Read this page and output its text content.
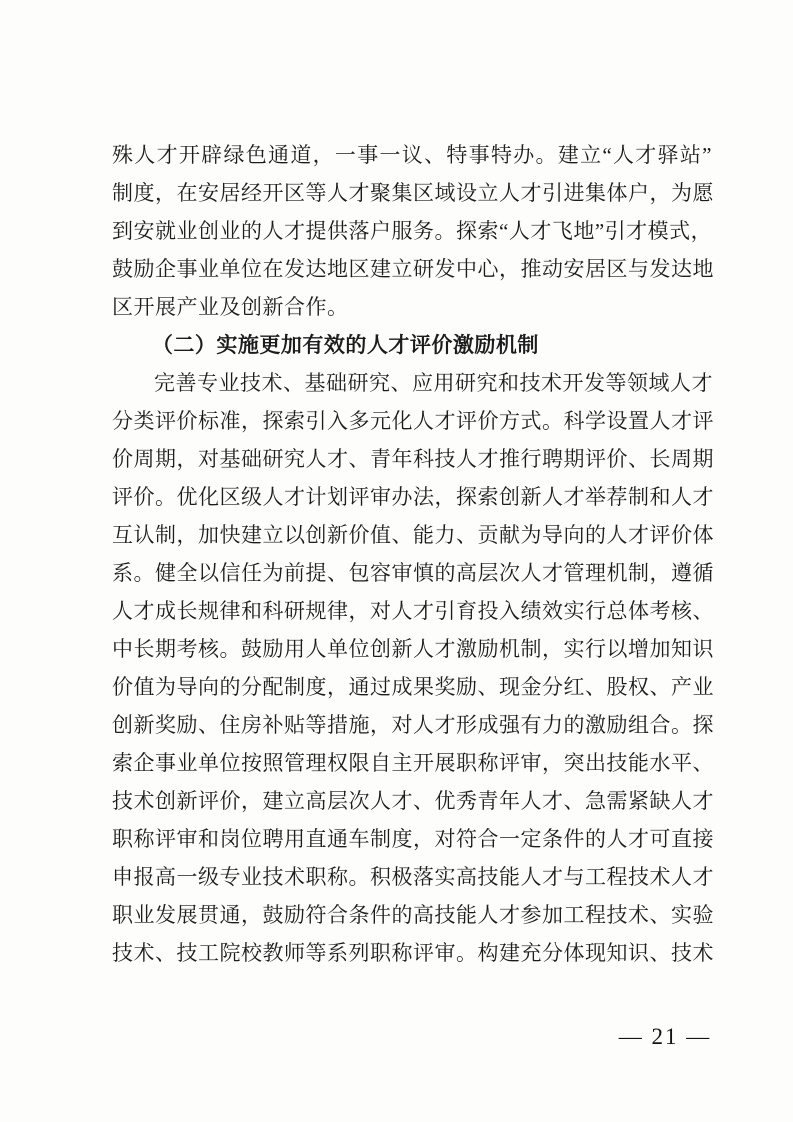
殊人才开辟绿色通道，一事一议、特事特办。建立“人才驿站”
制度，在安居经开区等人才聚集区域设立人才引进集体户，为愿
到安就业创业的人才提供落户服务。探索“人才飞地”引才模式，
鼓励企事业单位在发达地区建立研发中心，推动安居区与发达地
区开展产业及创新合作。
（二）实施更加有效的人才评价激励机制
完善专业技术、基础研究、应用研究和技术开发等领域人才
分类评价标准，探索引入多元化人才评价方式。科学设置人才评
价周期，对基础研究人才、青年科技人才推行聘期评价、长周期
评价。优化区级人才计划评审办法，探索创新人才举荐制和人才
互认制，加快建立以创新价值、能力、贡献为导向的人才评价体
系。健全以信任为前提、包容审慎的高层次人才管理机制，遵循
人才成长规律和科研规律，对人才引育投入绩效实行总体考核、
中长期考核。鼓励用人单位创新人才激励机制，实行以增加知识
价值为导向的分配制度，通过成果奖励、现金分红、股权、产业
创新奖励、住房补贴等措施，对人才形成强有力的激励组合。探
索企事业单位按照管理权限自主开展职称评审，突出技能水平、
技术创新评价，建立高层次人才、优秀青年人才、急需紧缺人才
职称评审和岗位聘用直通车制度，对符合一定条件的人才可直接
申报高一级专业技术职称。积极落实高技能人才与工程技术人才
职业发展贯通，鼓励符合条件的高技能人才参加工程技术、实验
技术、技工院校教师等系列职称评审。构建充分体现知识、技术
— 21 —
